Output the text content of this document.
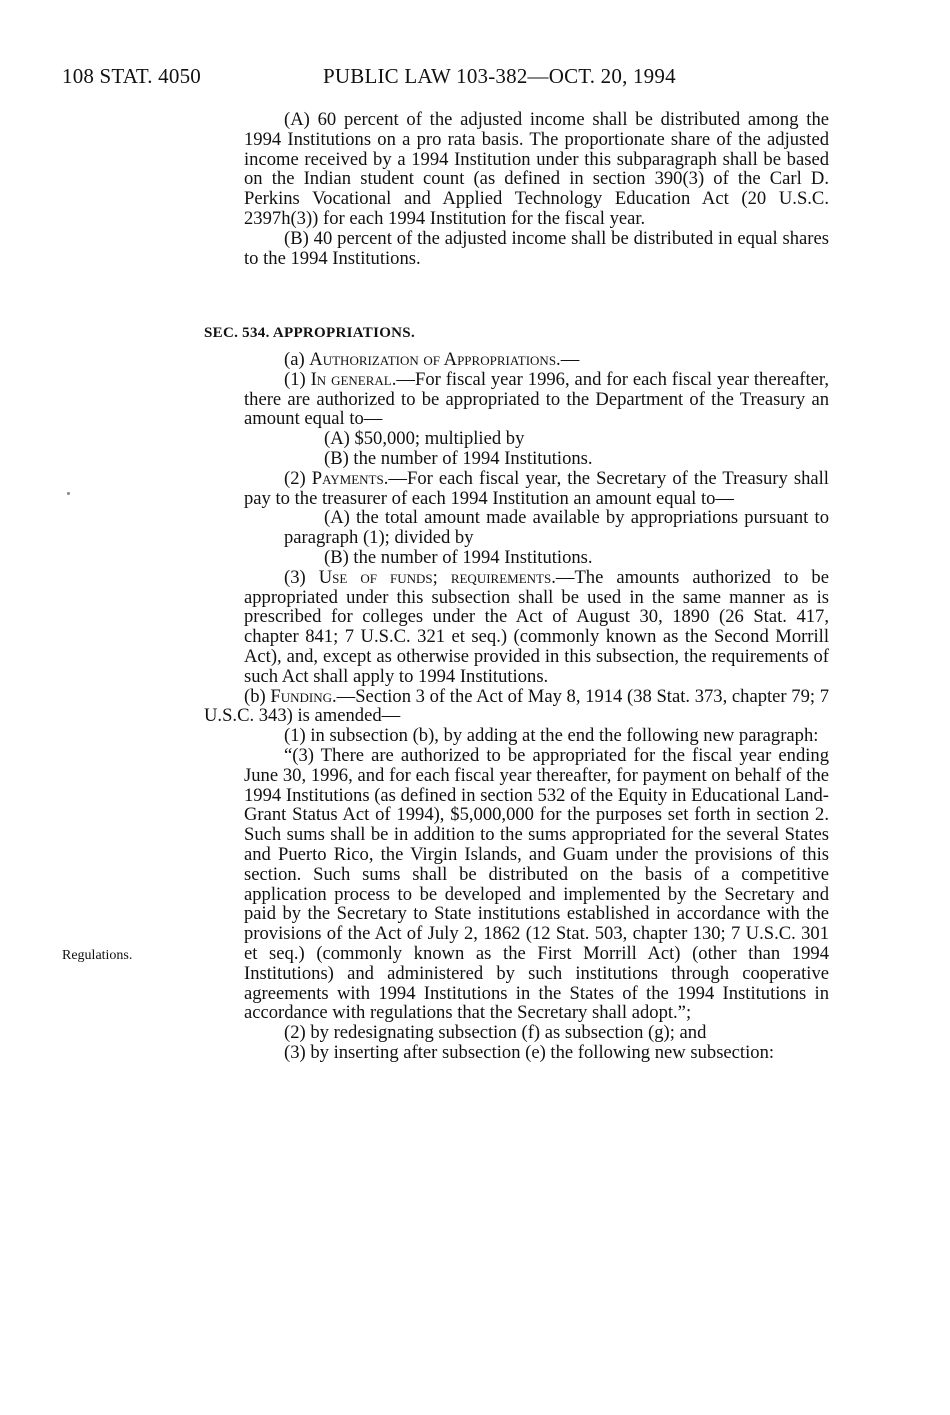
108 STAT. 4050	PUBLIC LAW 103-382—OCT. 20, 1994

(A) 60 percent of the adjusted income shall be distributed among the 1994 Institutions on a pro rata basis. The proportionate share of the adjusted income received by a 1994 Institution under this subparagraph shall be based on the Indian student count (as defined in section 390(3) of the Carl D. Perkins Vocational and Applied Technology Education Act (20 U.S.C. 2397h(3)) for each 1994 Institution for the fiscal year.

(B) 40 percent of the adjusted income shall be distributed in equal shares to the 1994 Institutions.

SEC. 534. APPROPRIATIONS.

(a) Authorization of Appropriations.—

(1) In general.—For fiscal year 1996, and for each fiscal year thereafter, there are authorized to be appropriated to the Department of the Treasury an amount equal to—

(A) $50,000; multiplied by

(B) the number of 1994 Institutions.

(2) Payments.—For each fiscal year, the Secretary of the Treasury shall pay to the treasurer of each 1994 Institution an amount equal to—

(A) the total amount made available by appropriations pursuant to paragraph (1); divided by

(B) the number of 1994 Institutions.

(3) Use of funds; requirements.—The amounts authorized to be appropriated under this subsection shall be used in the same manner as is prescribed for colleges under the Act of August 30, 1890 (26 Stat. 417, chapter 841; 7 U.S.C. 321 et seq.) (commonly known as the Second Morrill Act), and, except as otherwise provided in this subsection, the requirements of such Act shall apply to 1994 Institutions.

(b) Funding.—Section 3 of the Act of May 8, 1914 (38 Stat. 373, chapter 79; 7 U.S.C. 343) is amended—

(1) in subsection (b), by adding at the end the following new paragraph:

“(3) There are authorized to be appropriated for the fiscal year ending June 30, 1996, and for each fiscal year thereafter, for payment on behalf of the 1994 Institutions (as defined in section 532 of the Equity in Educational Land-Grant Status Act of 1994), $5,000,000 for the purposes set forth in section 2. Such sums shall be in addition to the sums appropriated for the several States and Puerto Rico, the Virgin Islands, and Guam under the provisions of this section. Such sums shall be distributed on the basis of a competitive application process to be developed and implemented by the Secretary and paid by the Secretary to State institutions established in accordance with the provisions of the Act of July 2, 1862 (12 Stat. 503, chapter 130; 7 U.S.C. 301 et seq.) (commonly known as the First Morrill Act) (other than 1994 Institutions) and administered by such institutions through cooperative agreements with 1994 Institutions in the States of the 1994 Institutions in accordance with regulations that the Secretary shall adopt.”;

(2) by redesignating subsection (f) as subsection (g); and

(3) by inserting after subsection (e) the following new subsection:

Regulations.
